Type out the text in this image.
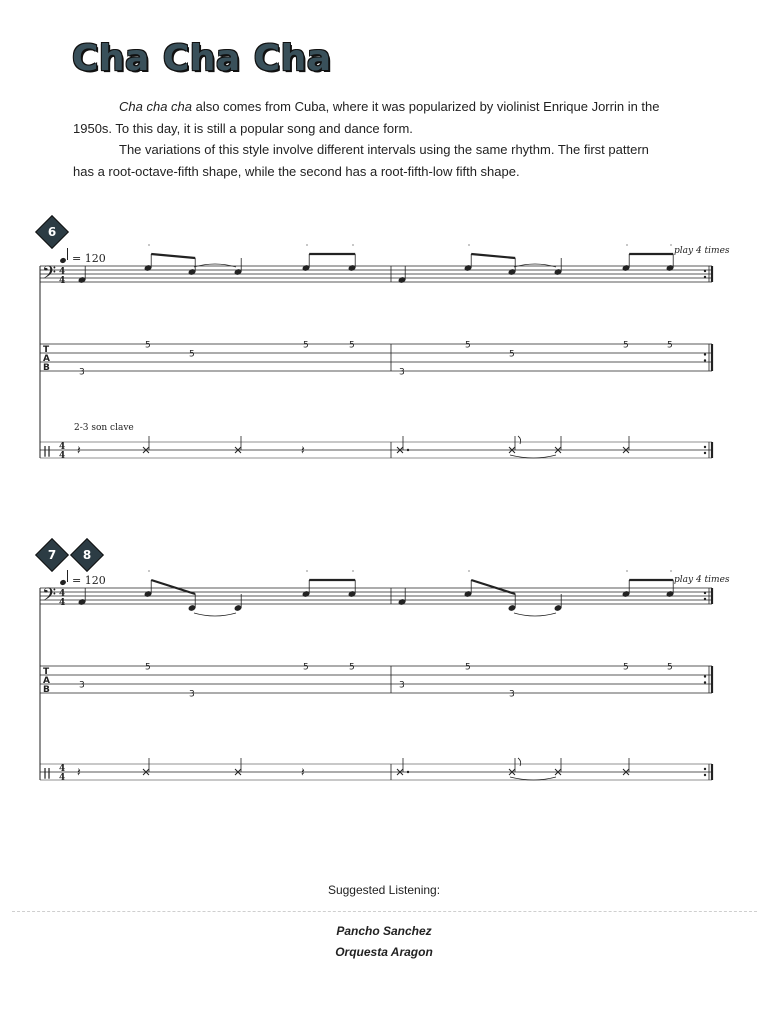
Cha Cha Cha

Cha cha cha also comes from Cuba, where it was popularized by violinist Enrique Jorrin in the 1950s. To this day, it is still a popular song and dance form.

The variations of this style involve different intervals using the same rhythm. The first pattern has a root-octave-fifth shape, while the second has a root-fifth-low fifth shape.

6
= 120
play 4 times
2-3 son clave
𝄢 4
4
T
A
B
|| 4
4
˙	˙	˙
3
5
5
5	5
˙	˙	˙
3
5
5
5	5
𝄽	𝄽
7	8
= 120	play 4 times
𝄢 4
4
T
A
B
|| 4
4
˙	˙	˙
3
5
3
5	5
˙	˙	˙
3
5
3
5	5
𝄽	𝄽
Suggested Listening:
Pancho Sanchez
Orquesta Aragon
